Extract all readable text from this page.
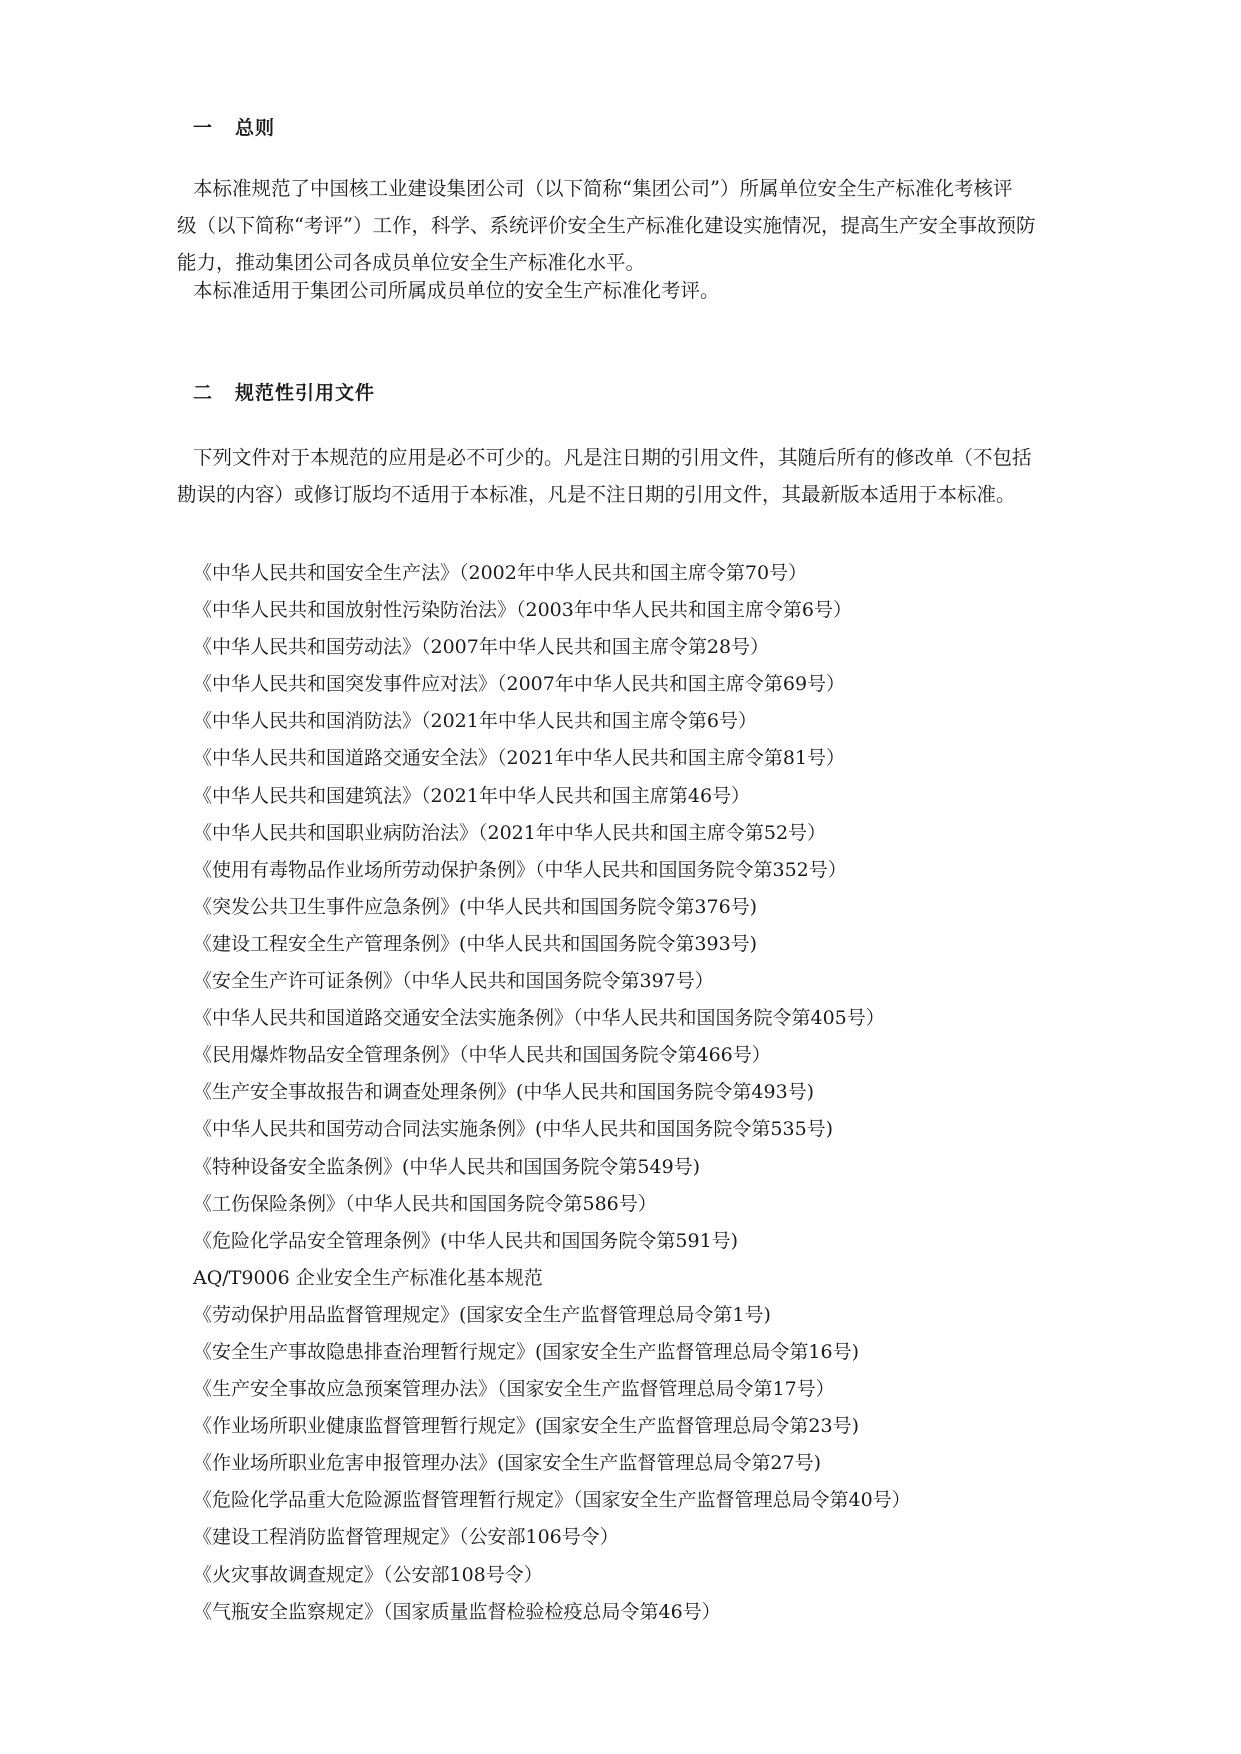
一 总则
本标准规范了中国核工业建设集团公司（以下简称“集团公司”）所属单位安全生产标准化考核评
级（以下简称“考评”）工作，科学、系统评价安全生产标准化建设实施情况，提高生产安全事故预防
能力，推动集团公司各成员单位安全生产标准化水平。
本标准适用于集团公司所属成员单位的安全生产标准化考评。
二 规范性引用文件
下列文件对于本规范的应用是必不可少的。凡是注日期的引用文件，其随后所有的修改单（不包括
勘误的内容）或修订版均不适用于本标准，凡是不注日期的引用文件，其最新版本适用于本标准。
《中华人民共和国安全生产法》（2002年中华人民共和国主席令第70号）
《中华人民共和国放射性污染防治法》（2003年中华人民共和国主席令第6号）
《中华人民共和国劳动法》（2007年中华人民共和国主席令第28号）
《中华人民共和国突发事件应对法》（2007年中华人民共和国主席令第69号）
《中华人民共和国消防法》（2021年中华人民共和国主席令第6号）
《中华人民共和国道路交通安全法》（2021年中华人民共和国主席令第81号）
《中华人民共和国建筑法》（2021年中华人民共和国主席第46号）
《中华人民共和国职业病防治法》（2021年中华人民共和国主席令第52号）
《使用有毒物品作业场所劳动保护条例》（中华人民共和国国务院令第352号）
《突发公共卫生事件应急条例》(中华人民共和国国务院令第376号)
《建设工程安全生产管理条例》(中华人民共和国国务院令第393号)
《安全生产许可证条例》（中华人民共和国国务院令第397号）
《中华人民共和国道路交通安全法实施条例》（中华人民共和国国务院令第405号）
《民用爆炸物品安全管理条例》（中华人民共和国国务院令第466号）
《生产安全事故报告和调查处理条例》(中华人民共和国国务院令第493号)
《中华人民共和国劳动合同法实施条例》(中华人民共和国国务院令第535号)
《特种设备安全监条例》(中华人民共和国国务院令第549号)
《工伤保险条例》（中华人民共和国国务院令第586号）
《危险化学品安全管理条例》(中华人民共和国国务院令第591号)
AQ/T9006 企业安全生产标准化基本规范
《劳动保护用品监督管理规定》(国家安全生产监督管理总局令第1号)
《安全生产事故隐患排查治理暂行规定》(国家安全生产监督管理总局令第16号)
《生产安全事故应急预案管理办法》（国家安全生产监督管理总局令第17号）
《作业场所职业健康监督管理暂行规定》(国家安全生产监督管理总局令第23号)
《作业场所职业危害申报管理办法》(国家安全生产监督管理总局令第27号)
《危险化学品重大危险源监督管理暂行规定》（国家安全生产监督管理总局令第40号）
《建设工程消防监督管理规定》（公安部106号令）
《火灾事故调查规定》（公安部108号令）
《气瓶安全监察规定》（国家质量监督检验检疫总局令第46号）
